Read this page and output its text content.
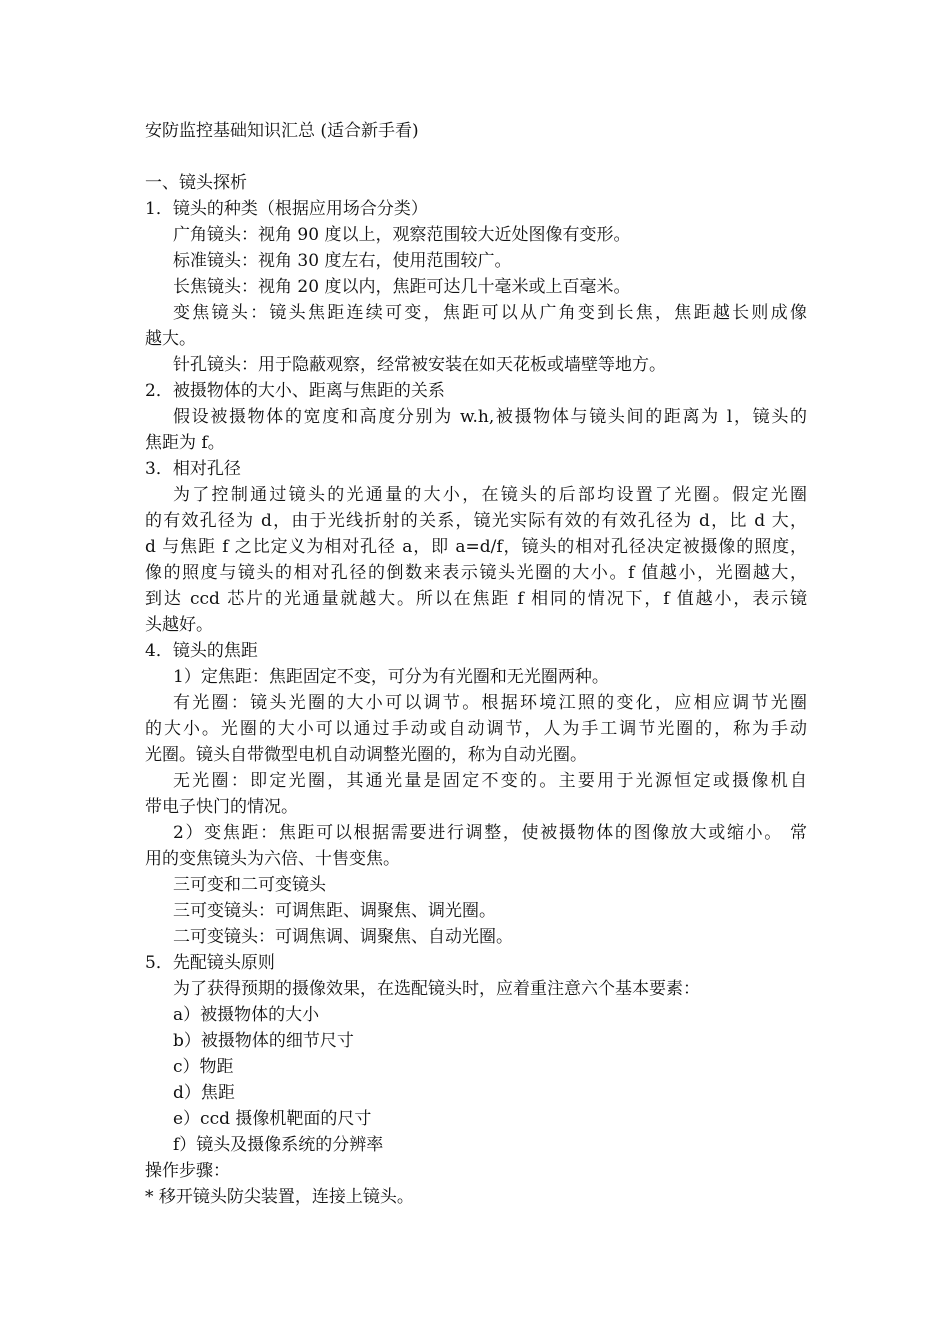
安防监控基础知识汇总 (适合新手看)
一、镜头探析
1．镜头的种类（根据应用场合分类）
广角镜头：视角 90 度以上，观察范围较大近处图像有变形。
标准镜头：视角 30 度左右，使用范围较广。
长焦镜头：视角 20 度以内，焦距可达几十毫米或上百毫米。
变焦镜头：镜头焦距连续可变，焦距可以从广角变到长焦，焦距越长则成像
越大。
针孔镜头：用于隐蔽观察，经常被安装在如天花板或墙壁等地方。
2．被摄物体的大小、距离与焦距的关系
假设被摄物体的宽度和高度分别为 w.h,被摄物体与镜头间的距离为 l，镜头的
焦距为 f。
3．相对孔径
为了控制通过镜头的光通量的大小，在镜头的后部均设置了光圈。假定光圈
的有效孔径为 d，由于光线折射的关系，镜光实际有效的有效孔径为 d，比 d 大，
d 与焦距 f 之比定义为相对孔径 a，即 a=d/f，镜头的相对孔径决定被摄像的照度，
像的照度与镜头的相对孔径的倒数来表示镜头光圈的大小。f 值越小，光圈越大，
到达 ccd 芯片的光通量就越大。所以在焦距 f 相同的情况下，f 值越小，表示镜
头越好。
4．镜头的焦距
1）定焦距：焦距固定不变，可分为有光圈和无光圈两种。
有光圈：镜头光圈的大小可以调节。根据环境江照的变化，应相应调节光圈
的大小。光圈的大小可以通过手动或自动调节，人为手工调节光圈的，称为手动
光圈。镜头自带微型电机自动调整光圈的，称为自动光圈。
无光圈：即定光圈，其通光量是固定不变的。主要用于光源恒定或摄像机自
带电子快门的情况。
2）变焦距：焦距可以根据需要进行调整，使被摄物体的图像放大或缩小。 常
用的变焦镜头为六倍、十售变焦。
三可变和二可变镜头
三可变镜头：可调焦距、调聚焦、调光圈。
二可变镜头：可调焦调、调聚焦、自动光圈。
5．先配镜头原则
为了获得预期的摄像效果，在选配镜头时，应着重注意六个基本要素：
a）被摄物体的大小
b）被摄物体的细节尺寸
c）物距
d）焦距
e）ccd 摄像机靶面的尺寸
f）镜头及摄像系统的分辨率
操作步骤：
* 移开镜头防尖装置，连接上镜头。
